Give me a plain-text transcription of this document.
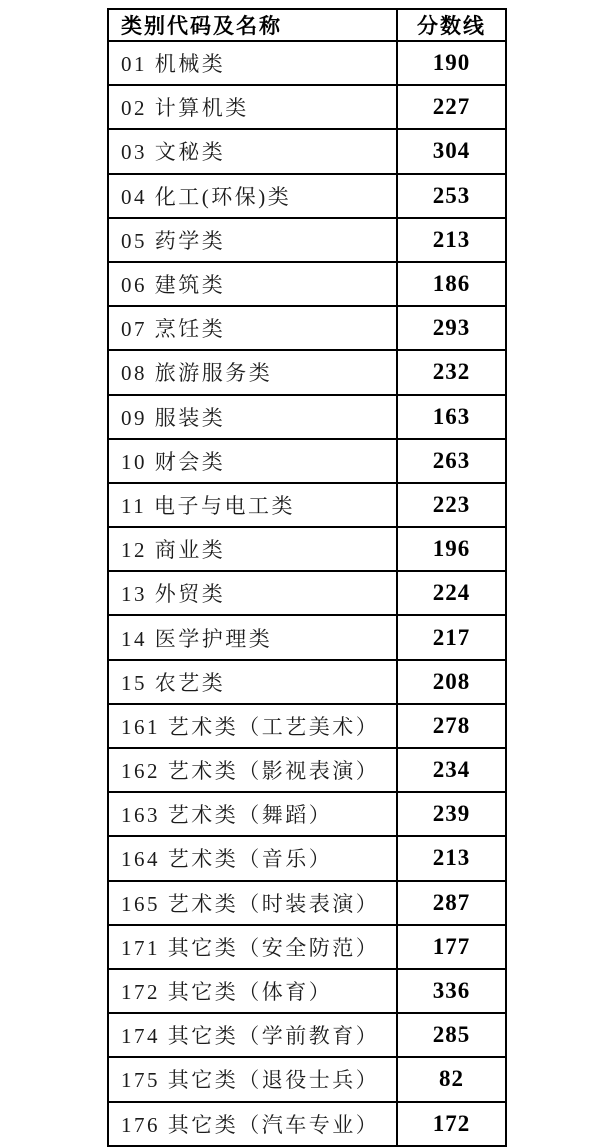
类别代码及名称	分数线
01 机械类	190
02 计算机类	227
03 文秘类	304
04 化工(环保)类	253
05 药学类	213
06 建筑类	186
07 烹饪类	293
08 旅游服务类	232
09 服装类	163
10 财会类	263
11 电子与电工类	223
12 商业类	196
13 外贸类	224
14 医学护理类	217
15 农艺类	208
161 艺术类（工艺美术）	278
162 艺术类（影视表演）	234
163 艺术类（舞蹈）	239
164 艺术类（音乐）	213
165 艺术类（时装表演）	287
171 其它类（安全防范）	177
172 其它类（体育）	336
174 其它类（学前教育）	285
175 其它类（退役士兵）	82
176 其它类（汽车专业）	172
